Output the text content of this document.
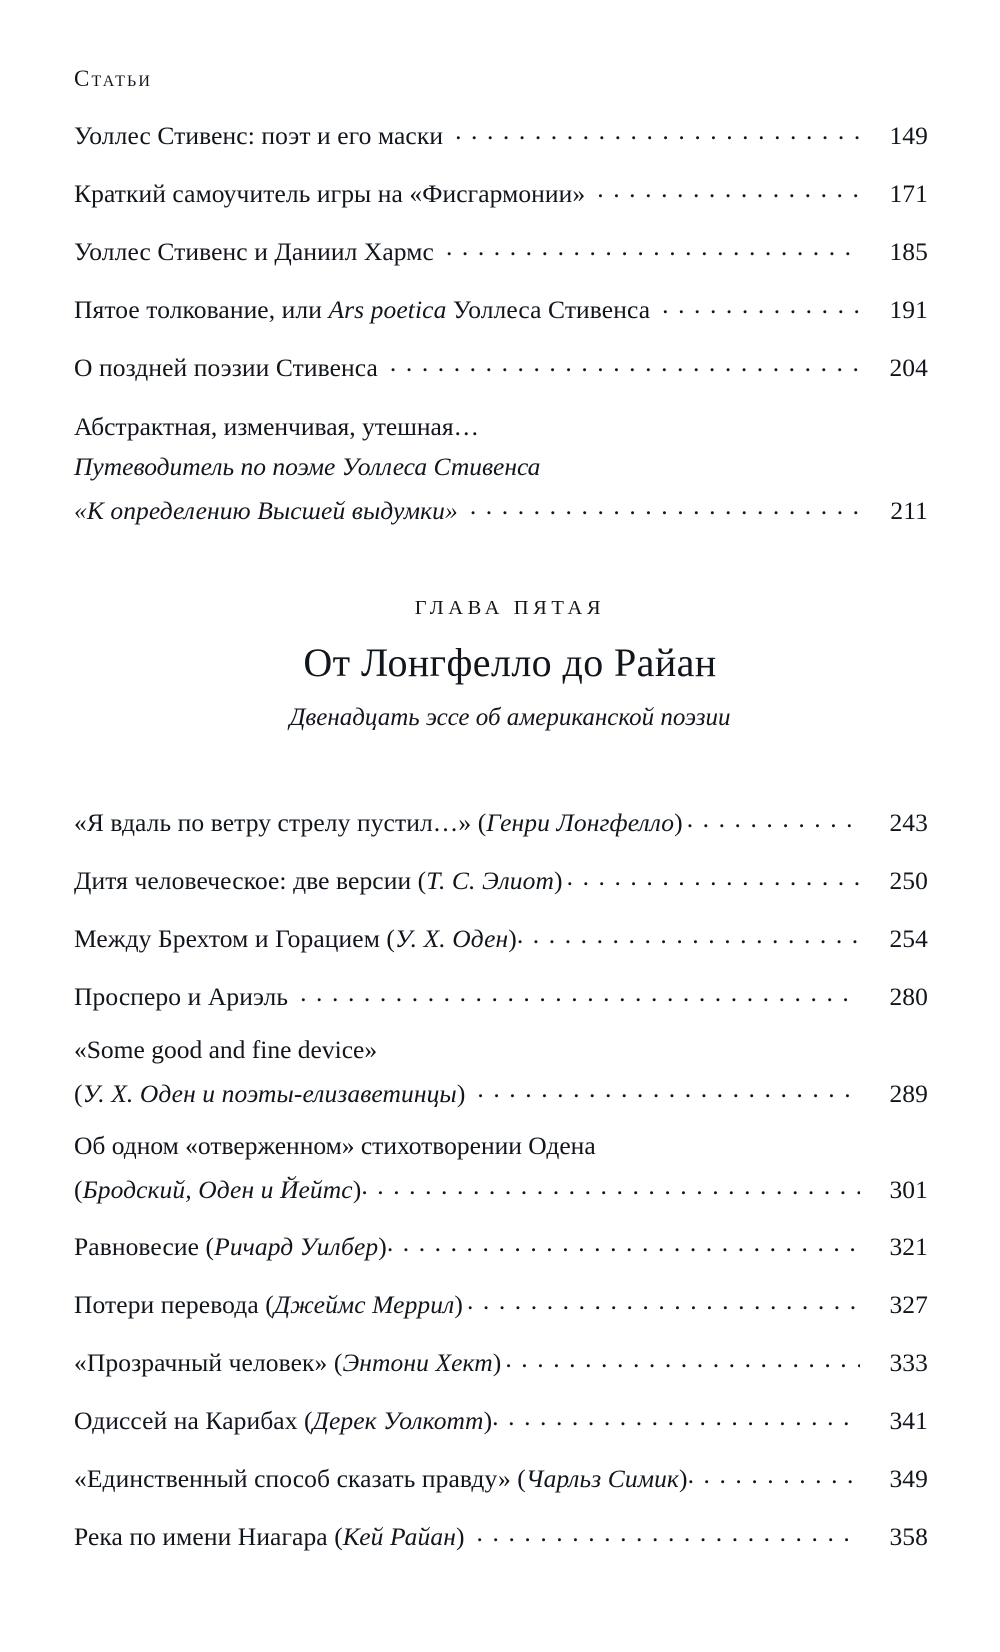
Статьи
Уоллес Стивенс: поэт и его маски . . .	149
Краткий самоучитель игры на «Фисгармонии» . . .	171
Уоллес Стивенс и Даниил Хармс . . .	185
Пятое толкование, или Ars poetica Уоллеса Стивенса . . .	191
О поздней поэзии Стивенса . . .	204
Абстрактная, изменчивая, утешная…
Путеводитель по поэме Уоллеса Стивенса
«К определению Высшей выдумки» . . .	211
ГЛАВА ПЯТАЯ
От Лонгфелло до Райан
Двенадцать эссе об американской поэзии
«Я вдаль по ветру стрелу пустил…» (Генри Лонгфелло) . . .	243
Дитя человеческое: две версии (Т. С. Элиот) . . .	250
Между Брехтом и Горацием (У. Х. Оден) . . .	254
Просперо и Ариэль . . .	280
«Some good and fine device»
(У. Х. Оден и поэты-елизаветинцы) . . .	289
Об одном «отверженном» стихотворении Одена
(Бродский, Оден и Йейтс) . . .	301
Равновесие (Ричард Уилбер) . . .	321
Потери перевода (Джеймс Меррил) . . .	327
«Прозрачный человек» (Энтони Хект) . . .	333
Одиссей на Карибах (Дерек Уолкотт) . . .	341
«Единственный способ сказать правду» (Чарльз Симик) . . .	349
Река по имени Ниагара (Кей Райан) . . .	358
